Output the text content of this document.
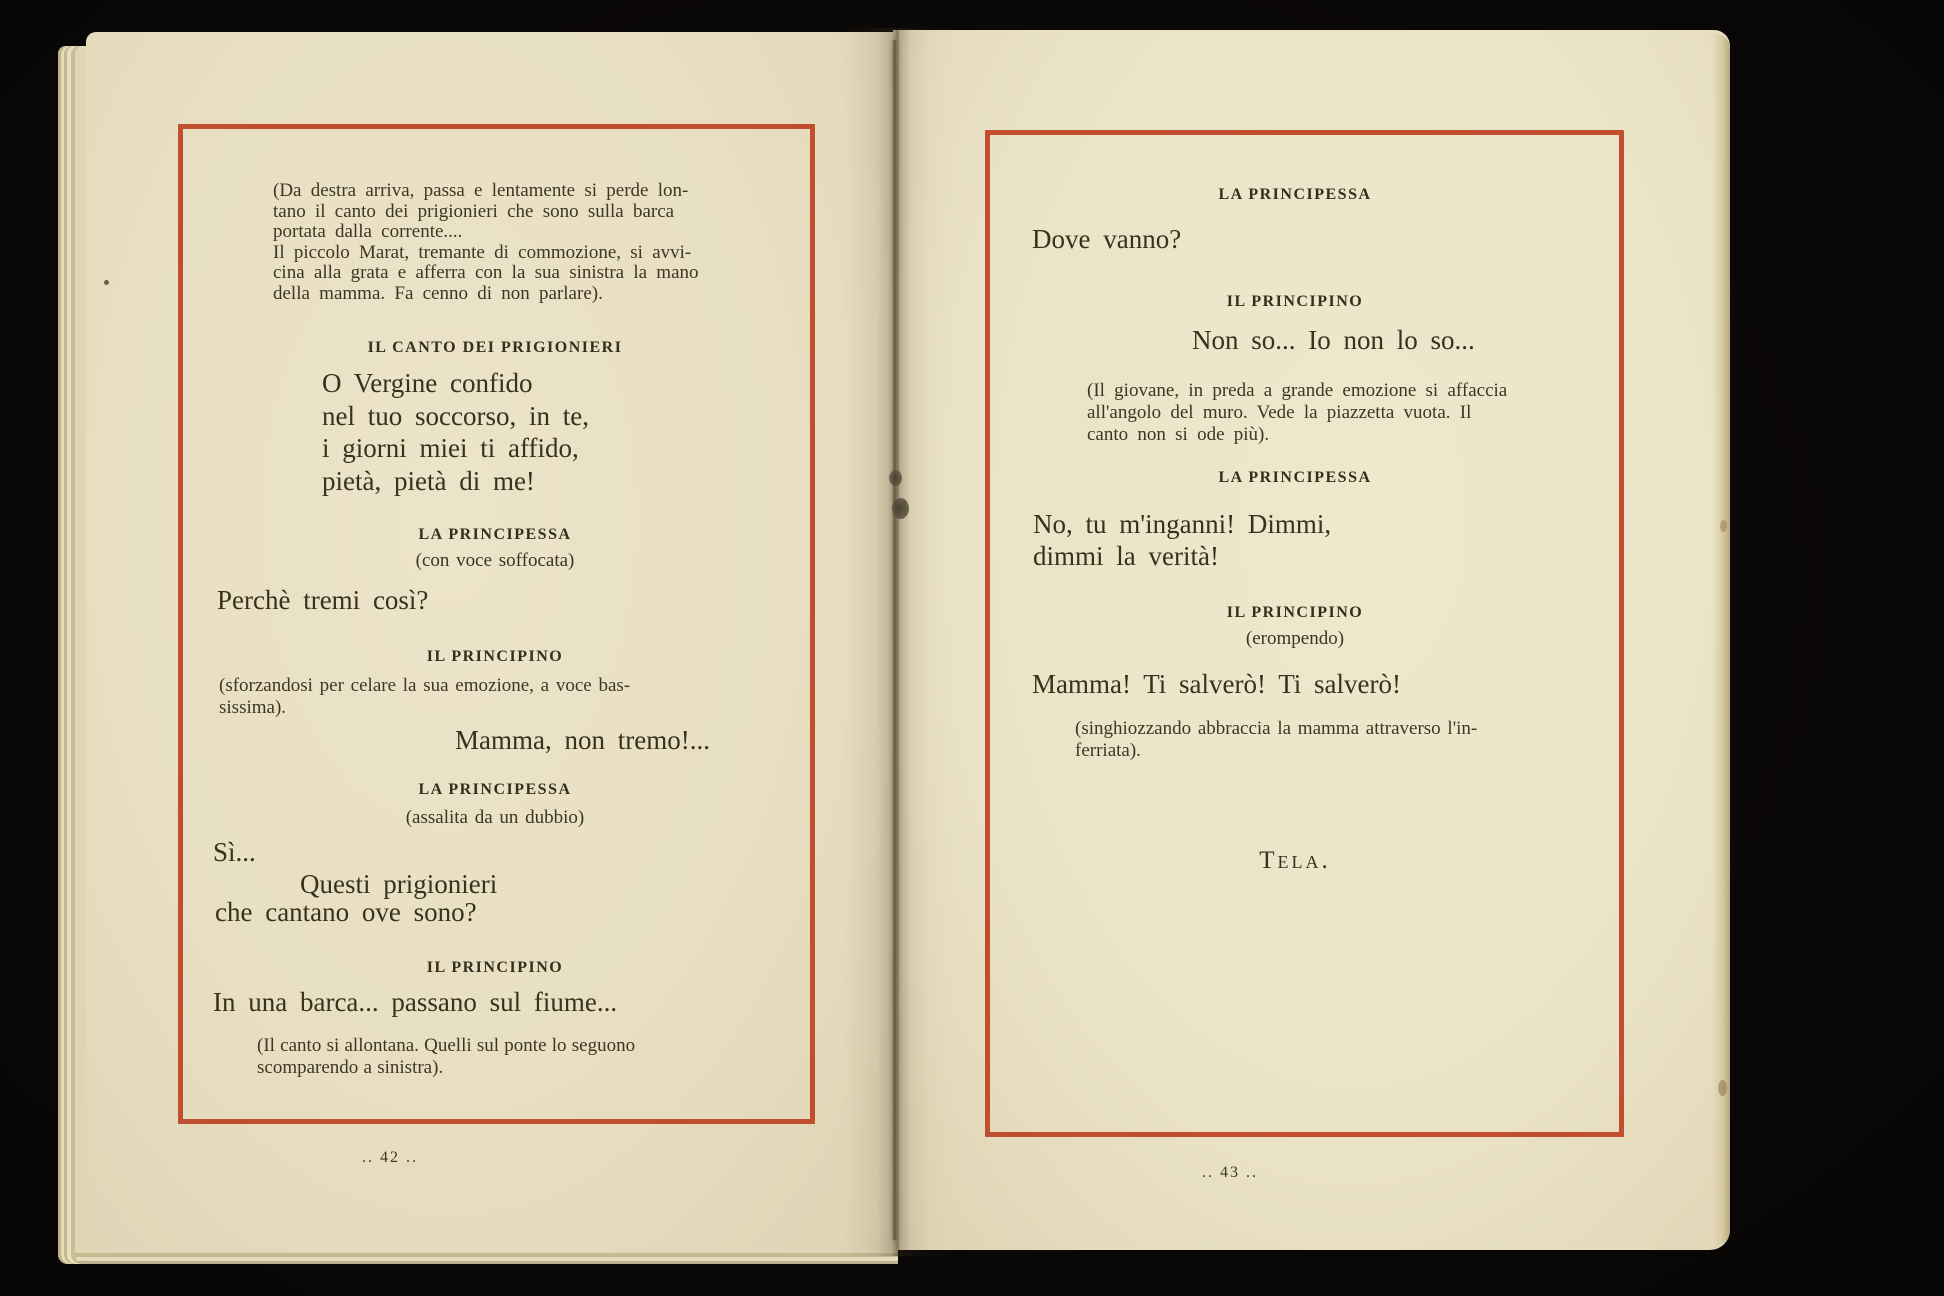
(Da destra arriva, passa e lentamente si perde lon-
tano il canto dei prigionieri che sono sulla barca
portata dalla corrente....
Il piccolo Marat, tremante di commozione, si avvi-
cina alla grata e afferra con la sua sinistra la mano
della mamma. Fa cenno di non parlare).
IL CANTO DEI PRIGIONIERI
O Vergine confido
nel tuo soccorso, in te,
i giorni miei ti affido,
pietà, pietà di me!
LA PRINCIPESSA
(con voce soffocata)
Perchè tremi così?
IL PRINCIPINO
(sforzandosi per celare la sua emozione, a voce bas-
sissima).
Mamma, non tremo!...
LA PRINCIPESSA
(assalita da un dubbio)
Sì...
Questi prigionieri
che cantano ove sono?
IL PRINCIPINO
In una barca... passano sul fiume...
(Il canto si allontana. Quelli sul ponte lo seguono
scomparendo a sinistra).
.. 42 ..
LA PRINCIPESSA
Dove vanno?
IL PRINCIPINO
Non so... Io non lo so...
(Il giovane, in preda a grande emozione si affaccia
all'angolo del muro. Vede la piazzetta vuota. Il
canto non si ode più).
LA PRINCIPESSA
No, tu m'inganni! Dimmi,
dimmi la verità!
IL PRINCIPINO
(erompendo)
Mamma! Ti salverò! Ti salverò!
(singhiozzando abbraccia la mamma attraverso l'in-
ferriata).
Tela.
.. 43 ..
